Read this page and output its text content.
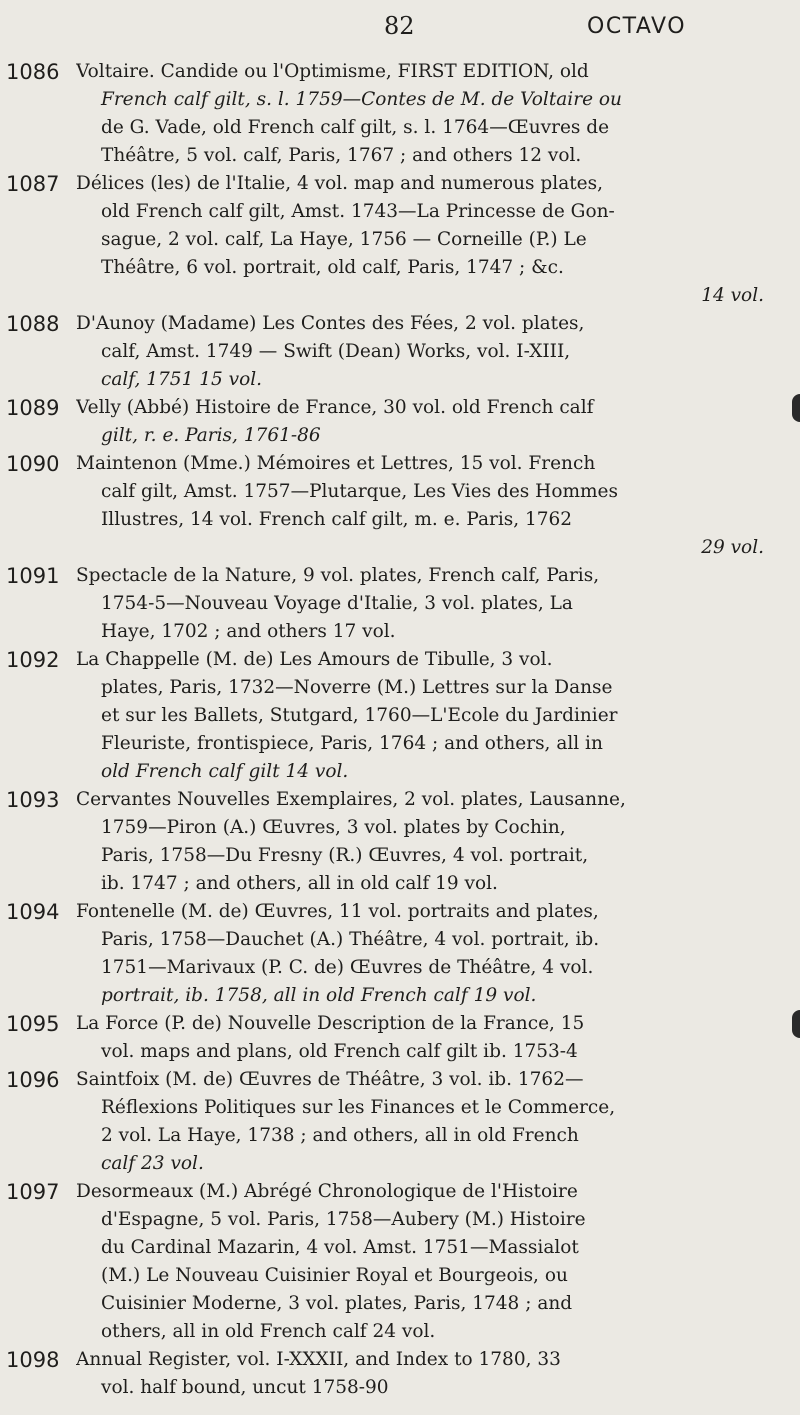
82	OCTAVO
1086 Voltaire. Candide ou l'Optimisme, FIRST EDITION, old
French calf gilt, s. l. 1759—Contes de M. de Voltaire ou
de G. Vade, old French calf gilt, s. l. 1764—Œuvres de
Théâtre, 5 vol. calf, Paris, 1767 ; and others 12 vol.
1087 Délices (les) de l'Italie, 4 vol. map and numerous plates,
old French calf gilt, Amst. 1743—La Princesse de Gon-
sague, 2 vol. calf, La Haye, 1756 — Corneille (P.) Le
Théâtre, 6 vol. portrait, old calf, Paris, 1747 ; &c.
14 vol.
1088 D'Aunoy (Madame) Les Contes des Fées, 2 vol. plates,
calf, Amst. 1749 — Swift (Dean) Works, vol. I-XIII,
calf, 1751 15 vol.
1089 Velly (Abbé) Histoire de France, 30 vol. old French calf
gilt, r. e. Paris, 1761-86
1090 Maintenon (Mme.) Mémoires et Lettres, 15 vol. French
calf gilt, Amst. 1757—Plutarque, Les Vies des Hommes
Illustres, 14 vol. French calf gilt, m. e. Paris, 1762
29 vol.
1091 Spectacle de la Nature, 9 vol. plates, French calf, Paris,
1754-5—Nouveau Voyage d'Italie, 3 vol. plates, La
Haye, 1702 ; and others 17 vol.
1092 La Chappelle (M. de) Les Amours de Tibulle, 3 vol.
plates, Paris, 1732—Noverre (M.) Lettres sur la Danse
et sur les Ballets, Stutgard, 1760—L'Ecole du Jardinier
Fleuriste, frontispiece, Paris, 1764 ; and others, all in
old French calf gilt 14 vol.
1093 Cervantes Nouvelles Exemplaires, 2 vol. plates, Lausanne,
1759—Piron (A.) Œuvres, 3 vol. plates by Cochin,
Paris, 1758—Du Fresny (R.) Œuvres, 4 vol. portrait,
ib. 1747 ; and others, all in old calf 19 vol.
1094 Fontenelle (M. de) Œuvres, 11 vol. portraits and plates,
Paris, 1758—Dauchet (A.) Théâtre, 4 vol. portrait, ib.
1751—Marivaux (P. C. de) Œuvres de Théâtre, 4 vol.
portrait, ib. 1758, all in old French calf 19 vol.
1095 La Force (P. de) Nouvelle Description de la France, 15
vol. maps and plans, old French calf gilt ib. 1753-4
1096 Saintfoix (M. de) Œuvres de Théâtre, 3 vol. ib. 1762—
Réflexions Politiques sur les Finances et le Commerce,
2 vol. La Haye, 1738 ; and others, all in old French
calf 23 vol.
1097 Desormeaux (M.) Abrégé Chronologique de l'Histoire
d'Espagne, 5 vol. Paris, 1758—Aubery (M.) Histoire
du Cardinal Mazarin, 4 vol. Amst. 1751—Massialot
(M.) Le Nouveau Cuisinier Royal et Bourgeois, ou
Cuisinier Moderne, 3 vol. plates, Paris, 1748 ; and
others, all in old French calf 24 vol.
1098 Annual Register, vol. I-XXXII, and Index to 1780, 33
vol. half bound, uncut 1758-90
